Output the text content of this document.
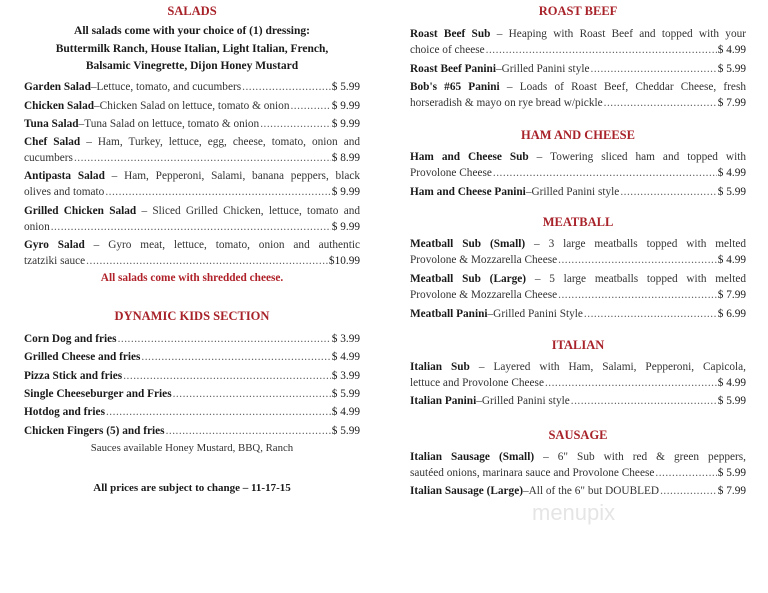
SALADS
All salads come with your choice of (1) dressing:
Buttermilk Ranch, House Italian, Light Italian, French,
Balsamic Vinegrette, Dijon Honey Mustard
Garden Salad – Lettuce, tomato, and cucumbers .....	$ 5.99
Chicken Salad – Chicken Salad on lettuce, tomato & onion .....	$ 9.99
Tuna Salad – Tuna Salad on lettuce, tomato & onion .....	$ 9.99
Chef Salad – Ham, Turkey, lettuce, egg, cheese, tomato, onion and
cucumbers .....	$ 8.99
Antipasta Salad – Ham, Pepperoni, Salami, banana peppers, black
olives and tomato .....	$ 9.99
Grilled Chicken Salad – Sliced Grilled Chicken, lettuce, tomato and
onion .....	$ 9.99
Gyro Salad – Gyro meat, lettuce, tomato, onion and authentic
tzatziki sauce .....	$10.99
All salads come with shredded cheese.
DYNAMIC KIDS SECTION
Corn Dog and fries .....	$ 3.99
Grilled Cheese and fries .....	$ 4.99
Pizza Stick and fries .....	$ 3.99
Single Cheeseburger and Fries .....	$ 5.99
Hotdog and fries .....	$ 4.99
Chicken Fingers (5) and fries .....	$ 5.99
Sauces available Honey Mustard, BBQ, Ranch
All prices are subject to change – 11-17-15
ROAST BEEF
Roast Beef Sub – Heaping with Roast Beef and topped with your
choice of cheese .....	$ 4.99
Roast Beef Panini – Grilled Panini style .....	$ 5.99
Bob's #65 Panini – Loads of Roast Beef, Cheddar Cheese, fresh
horseradish & mayo on rye bread w/pickle .....	$ 7.99
HAM AND CHEESE
Ham and Cheese Sub – Towering sliced ham and topped with
Provolone Cheese .....	$ 4.99
Ham and Cheese Panini – Grilled Panini style .....	$ 5.99
MEATBALL
Meatball Sub (Small) – 3 large meatballs topped with melted
Provolone & Mozzarella Cheese .....	$ 4.99
Meatball Sub (Large) – 5 large meatballs topped with melted
Provolone & Mozzarella Cheese .....	$ 7.99
Meatball Panini – Grilled Panini Style .....	$ 6.99
ITALIAN
Italian Sub – Layered with Ham, Salami, Pepperoni, Capicola,
lettuce and Provolone Cheese .....	$ 4.99
Italian Panini – Grilled Panini style .....	$ 5.99
SAUSAGE
Italian Sausage (Small) – 6" Sub with red & green peppers,
sautéed onions, marinara sauce and Provolone Cheese .....	$ 5.99
Italian Sausage (Large) – All of the 6" but DOUBLED .....	$ 7.99
menupix
